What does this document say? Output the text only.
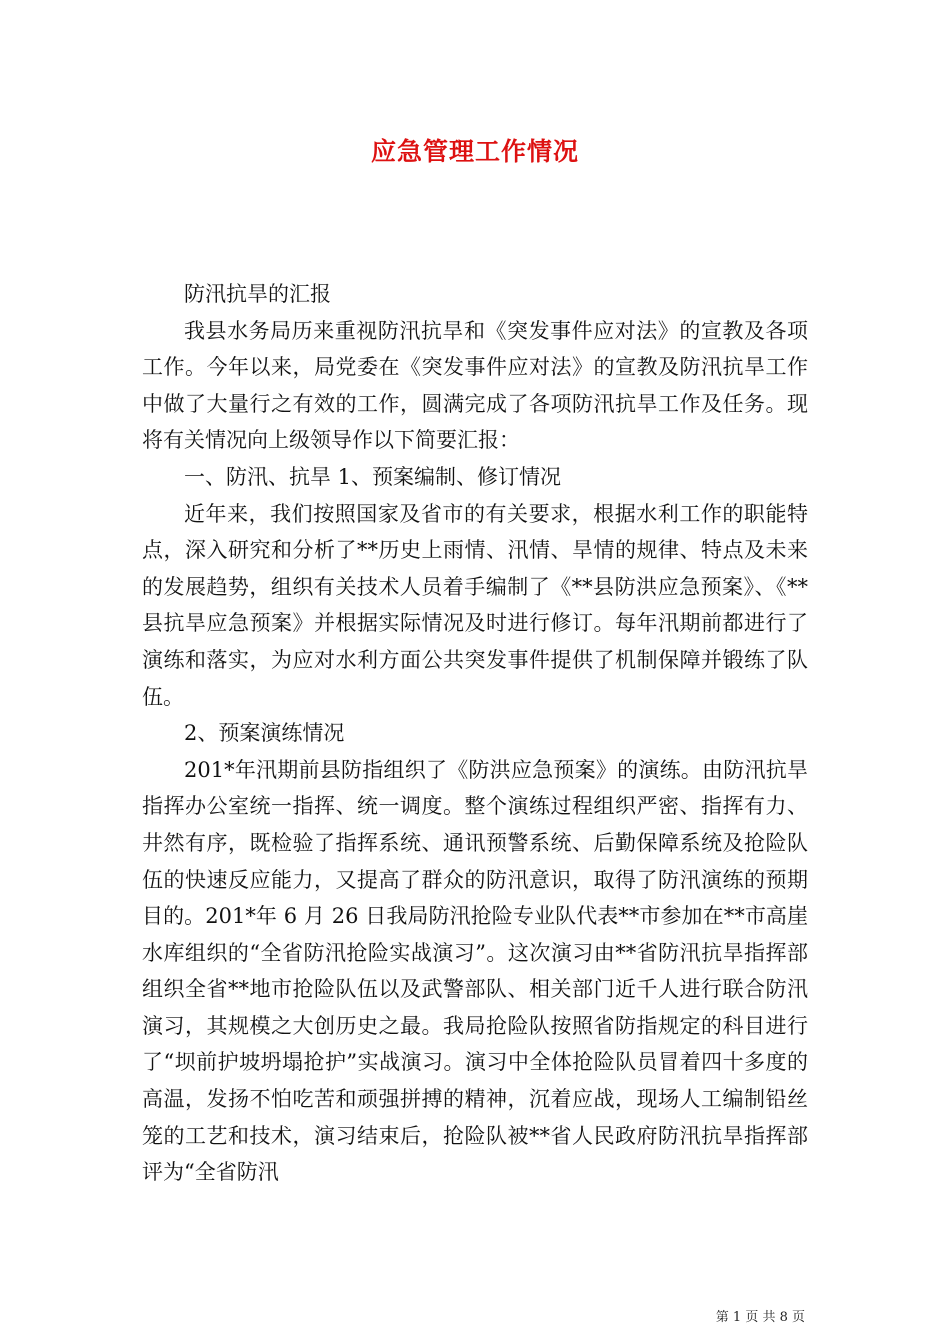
应急管理工作情况

防汛抗旱的汇报

我县水务局历来重视防汛抗旱和《突发事件应对法》的宣教及各项工作。今年以来，局党委在《突发事件应对法》的宣教及防汛抗旱工作中做了大量行之有效的工作，圆满完成了各项防汛抗旱工作及任务。现将有关情况向上级领导作以下简要汇报：

一、防汛、抗旱 1、预案编制、修订情况

近年来，我们按照国家及省市的有关要求，根据水利工作的职能特点，深入研究和分析了**历史上雨情、汛情、旱情的规律、特点及未来的发展趋势，组织有关技术人员着手编制了《**县防洪应急预案》、《**县抗旱应急预案》并根据实际情况及时进行修订。每年汛期前都进行了演练和落实，为应对水利方面公共突发事件提供了机制保障并锻练了队伍。

2、预案演练情况

201*年汛期前县防指组织了《防洪应急预案》的演练。由防汛抗旱指挥办公室统一指挥、统一调度。整个演练过程组织严密、指挥有力、井然有序，既检验了指挥系统、通讯预警系统、后勤保障系统及抢险队伍的快速反应能力，又提高了群众的防汛意识，取得了防汛演练的预期目的。201*年 6 月 26 日我局防汛抢险专业队代表**市参加在**市高崖水库组织的“全省防汛抢险实战演习”。这次演习由**省防汛抗旱指挥部组织全省**地市抢险队伍以及武警部队、相关部门近千人进行联合防汛演习，其规模之大创历史之最。我局抢险队按照省防指规定的科目进行了“坝前护坡坍塌抢护”实战演习。演习中全体抢险队员冒着四十多度的高温，发扬不怕吃苦和顽强拼搏的精神，沉着应战，现场人工编制铅丝笼的工艺和技术，演习结束后，抢险队被**省人民政府防汛抗旱指挥部评为“全省防汛

第 1 页 共 8 页
